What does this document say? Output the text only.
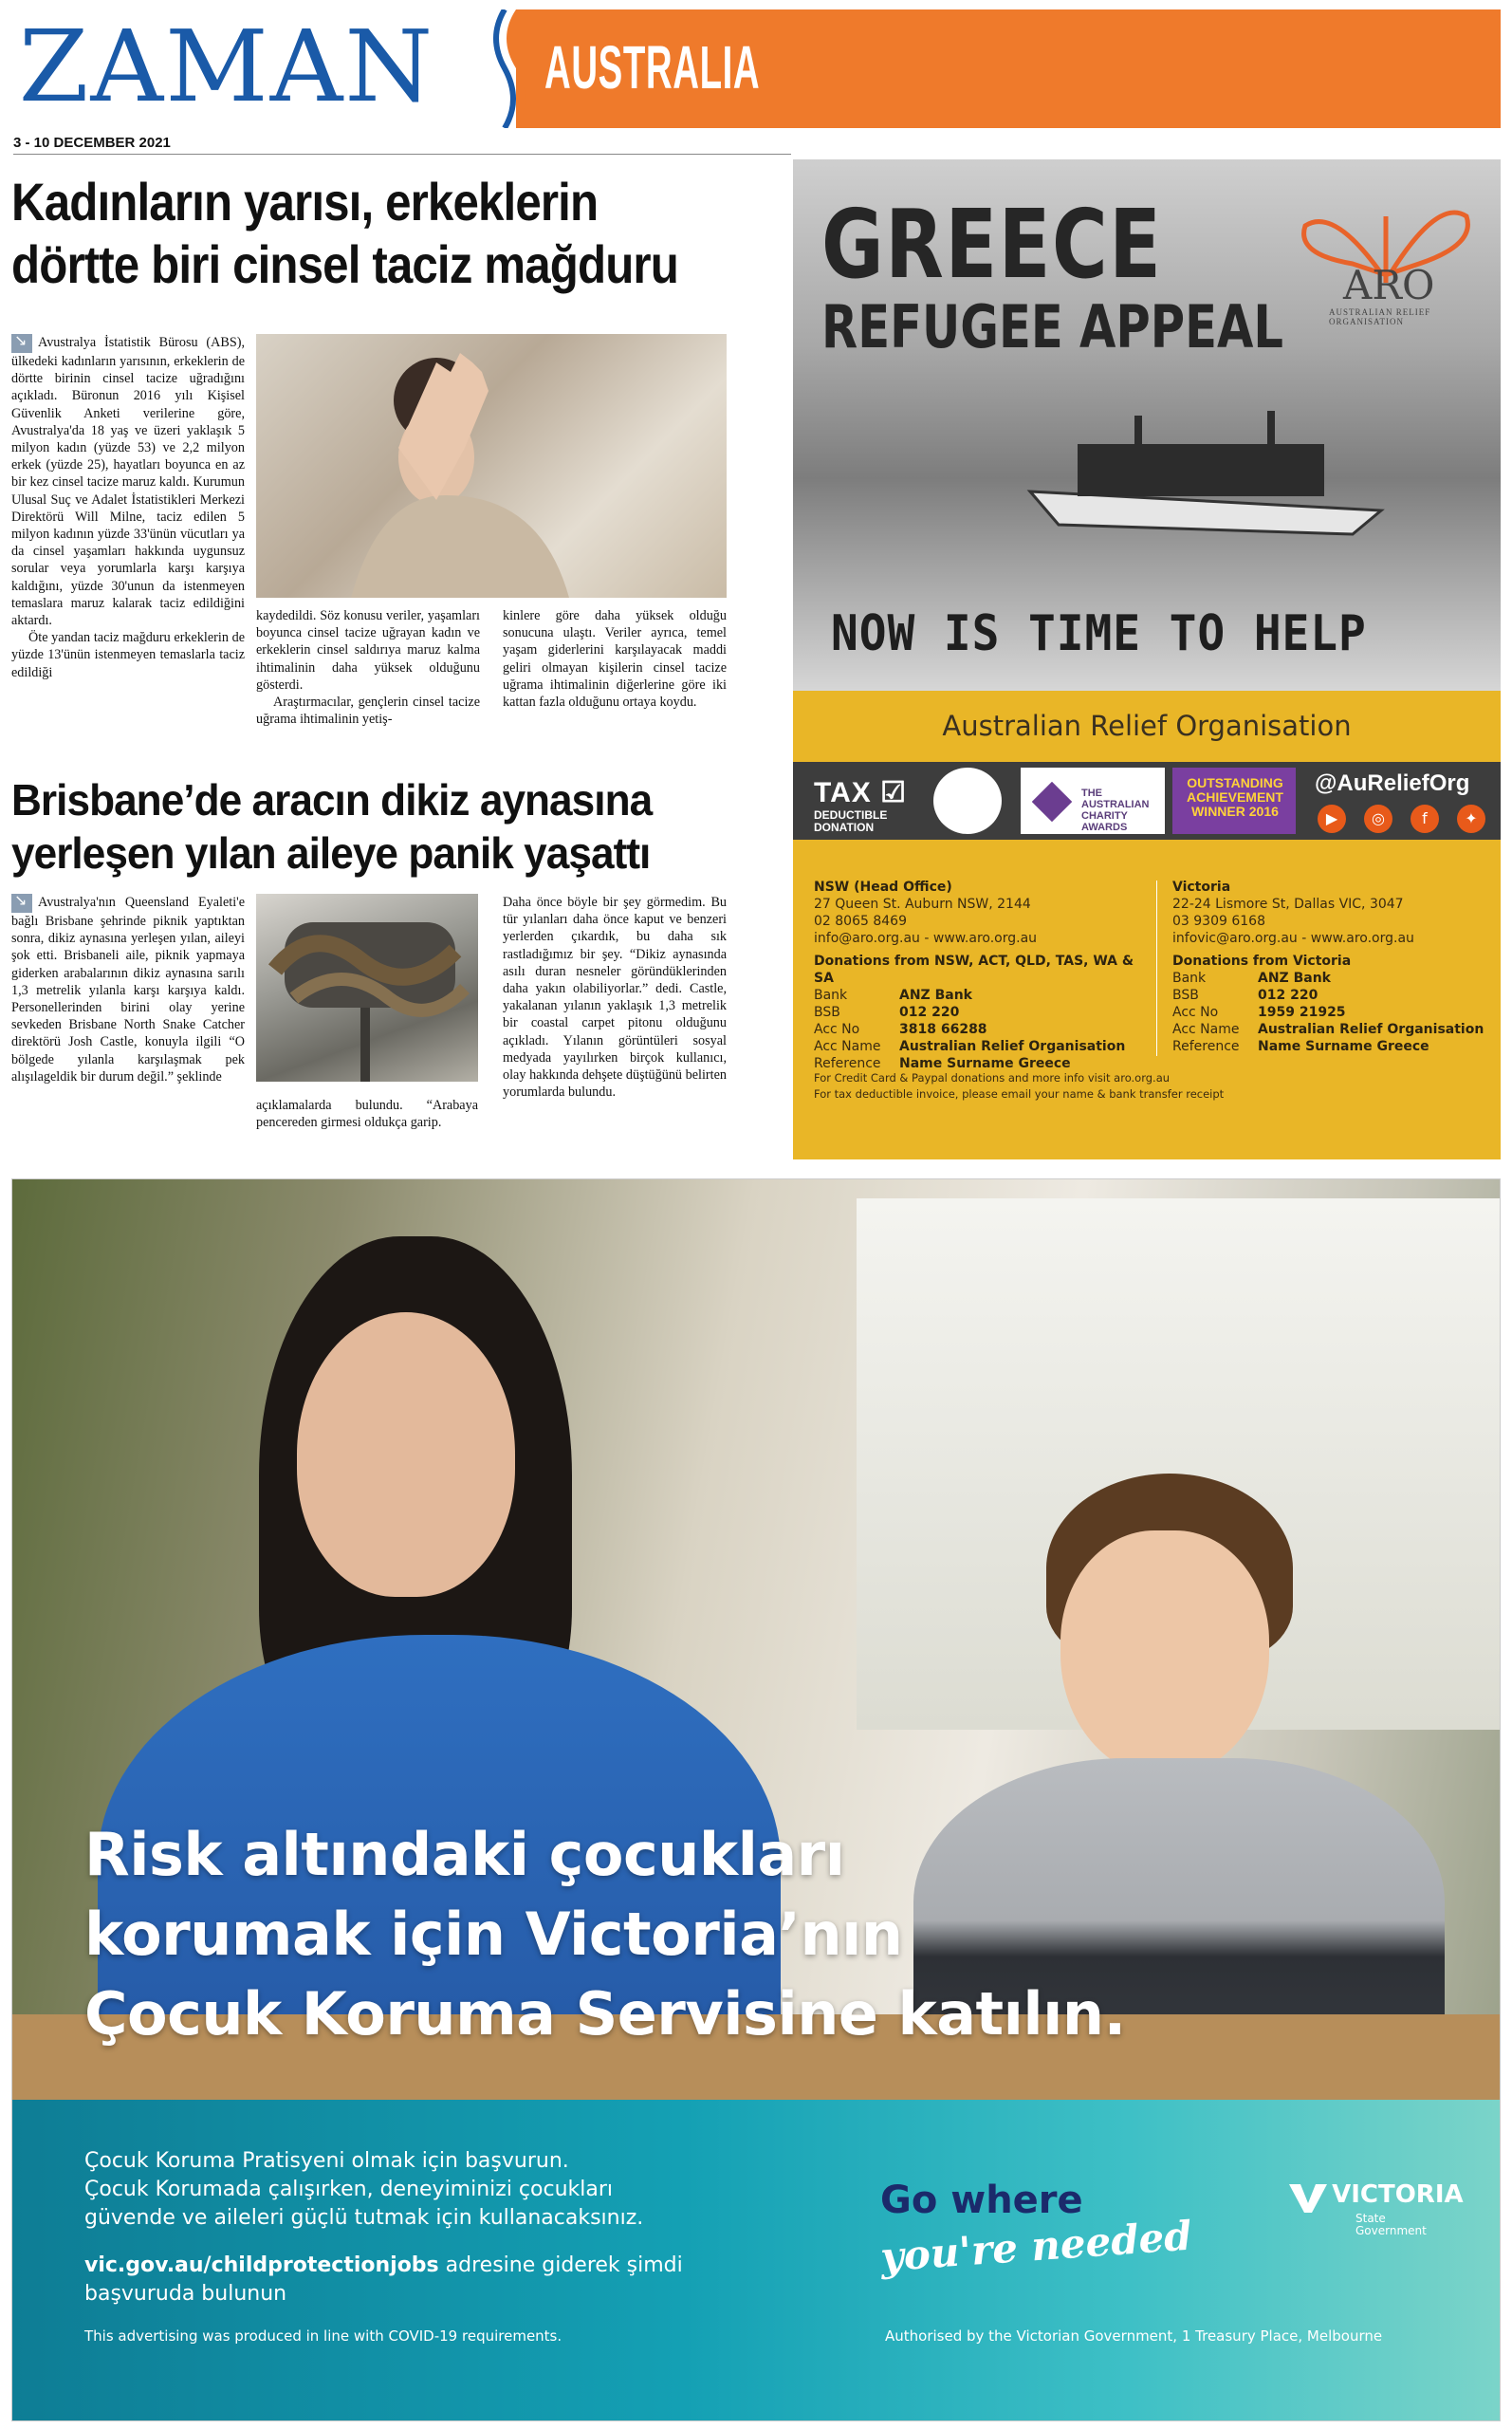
ZAMAN AUSTRALIA
3 - 10 DECEMBER 2021
Kadınların yarısı, erkeklerin
dörtte biri cinsel taciz mağduru
↘Avustralya İstatistik Bürosu (ABS), ülkedeki kadınların yarısının, erkeklerin de dörtte birinin cinsel tacize uğradığını açıkladı. Büronun 2016 yılı Kişisel Güvenlik Anketi verilerine göre, Avustralya'da 18 yaş ve üzeri yaklaşık 5 milyon kadın (yüzde 53) ve 2,2 milyon erkek (yüzde 25), hayatları boyunca en az bir kez cinsel tacize maruz kaldı. Kurumun Ulusal Suç ve Adalet İstatistikleri Merkezi Direktörü Will Milne, taciz edilen 5 milyon kadının yüzde 33'ünün vücutları ya da cinsel yaşamları hakkında uygunsuz sorular veya yorumlarla karşı karşıya kaldığını, yüzde 30'unun da istenmeyen temaslara maruz kalarak taciz edildiğini aktardı.
Öte yandan taciz mağduru erkeklerin de yüzde 13'ünün istenmeyen temaslarla taciz edildiği
kaydedildi. Söz konusu veriler, yaşamları boyunca cinsel tacize uğrayan kadın ve erkeklerin cinsel saldırıya maruz kalma ihtimalinin daha yüksek olduğunu gösterdi.
Araştırmacılar, gençlerin cinsel tacize uğrama ihtimalinin yetiş-
kinlere göre daha yüksek olduğu sonucuna ulaştı. Veriler ayrıca, temel yaşam giderlerini karşılayacak maddi geliri olmayan kişilerin cinsel tacize uğrama ihtimalinin diğerlerine göre iki kattan fazla olduğunu ortaya koydu.
Brisbane’de aracın dikiz aynasına
yerleşen yılan aileye panik yaşattı
↘Avustralya'nın Queensland Eyaleti'e bağlı Brisbane şehrinde piknik yaptıktan sonra, dikiz aynasına yerleşen yılan, aileyi şok etti. Brisbaneli aile, piknik yapmaya giderken arabalarının dikiz aynasına sarılı 1,3 metrelik yılanla karşı karşıya kaldı. Personellerinden birini olay yerine sevkeden Brisbane North Snake Catcher direktörü Josh Castle, konuyla ilgili “O bölgede yılanla karşılaşmak pek alışılageldik bir durum değil.” şeklinde
açıklamalarda bulundu. “Arabaya pencereden girmesi oldukça garip.
Daha önce böyle bir şey görmedim. Bu tür yılanları daha önce kaput ve benzeri yerlerden çıkardık, bu daha sık rastladığımız bir şey. “Dikiz aynasında asılı duran nesneler göründüklerinden daha yakın olabiliyorlar.” dedi. Castle, yakalanan yılanın yaklaşık 1,3 metrelik bir coastal carpet pitonu olduğunu açıkladı. Yılanın görüntüleri sosyal medyada yayılırken birçok kullanıcı, olay hakkında dehşete düştüğünü belirten yorumlarda bulundu.
GREECE
REFUGEE APPEAL
ARO
AUSTRALIAN RELIEF ORGANISATION
NOW IS TIME TO HELP
Australian Relief Organisation
TAX ☑
DEDUCTIBLE
DONATION
THE AUSTRALIAN CHARITY AWARDS
OUTSTANDING
ACHIEVEMENT
WINNER 2016
@AuReliefOrg
▶	◎	f	✦
NSW (Head Office)
27 Queen St. Auburn NSW, 2144
02 8065 8469
info@aro.org.au - www.aro.org.au
Donations from NSW, ACT, QLD, TAS, WA & SA
Bank	ANZ Bank
BSB	012 220
Acc No	3818 66288
Acc Name	Australian Relief Organisation
Reference	Name Surname Greece
Victoria
22-24 Lismore St, Dallas VIC, 3047
03 9309 6168
infovic@aro.org.au - www.aro.org.au
Donations from Victoria
Bank	ANZ Bank
BSB	012 220
Acc No	1959 21925
Acc Name	Australian Relief Organisation
Reference	Name Surname Greece
For Credit Card & Paypal donations and more info visit aro.org.au
For tax deductible invoice, please email your name & bank transfer receipt
Risk altındaki çocukları
korumak için Victoria’nın
Çocuk Koruma Servisine katılın.
Çocuk Koruma Pratisyeni olmak için başvurun.
Çocuk Korumada çalışırken, deneyiminizi çocukları
güvende ve aileleri güçlü tutmak için kullanacaksınız.
vic.gov.au/childprotectionjobs adresine giderek şimdi
başvuruda bulunun
This advertising was produced in line with COVID-19 requirements.
Go where
you're needed
VICTORIA
State
Government
Authorised by the Victorian Government, 1 Treasury Place, Melbourne
